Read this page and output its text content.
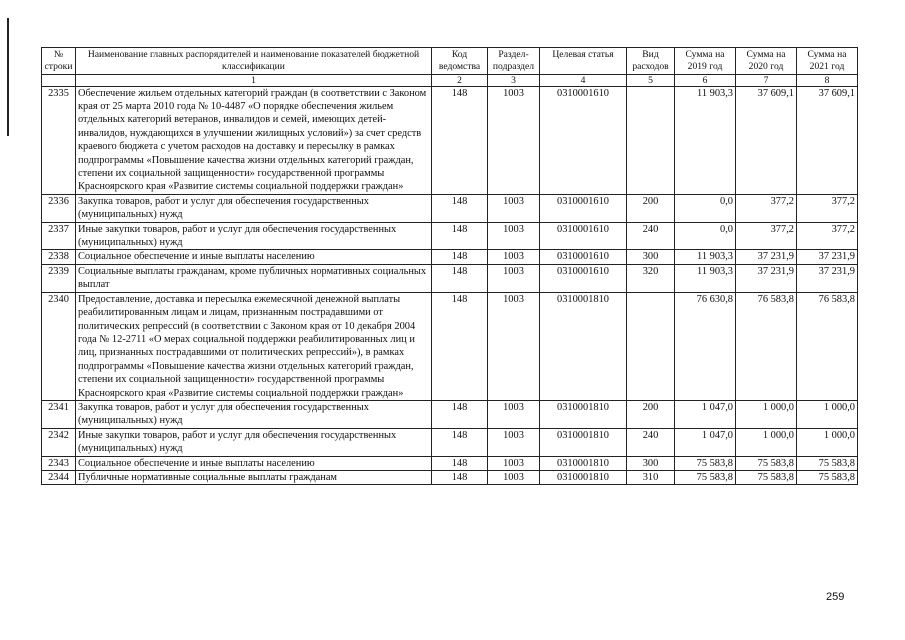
№ строки	Наименование главных распорядителей и наименование показателей бюджетной классификации	Код ведомства	Раздел-подраздел	Целевая статья	Вид расходов	Сумма на 2019 год	Сумма на 2020 год	Сумма на 2021 год
	1	2	3	4	5	6	7	8
2335	Обеспечение жильем отдельных категорий граждан (в соответствии с Законом края от 25 марта 2010 года № 10-4487 «О порядке обеспечения жильем отдельных категорий ветеранов, инвалидов и семей, имеющих детей-инвалидов, нуждающихся в улучшении жилищных условий») за счет средств краевого бюджета с учетом расходов на доставку и пересылку в рамках подпрограммы «Повышение качества жизни отдельных категорий граждан, степени их социальной защищенности» государственной программы Красноярского края «Развитие системы социальной поддержки граждан»	148	1003	0310001610		11 903,3	37 609,1	37 609,1
2336	Закупка товаров, работ и услуг для обеспечения государственных (муниципальных) нужд	148	1003	0310001610	200	0,0	377,2	377,2
2337	Иные закупки товаров, работ и услуг для обеспечения государственных (муниципальных) нужд	148	1003	0310001610	240	0,0	377,2	377,2
2338	Социальное обеспечение и иные выплаты населению	148	1003	0310001610	300	11 903,3	37 231,9	37 231,9
2339	Социальные выплаты гражданам, кроме публичных нормативных социальных выплат	148	1003	0310001610	320	11 903,3	37 231,9	37 231,9
2340	Предоставление, доставка и пересылка ежемесячной денежной выплаты реабилитированным лицам и лицам, признанным пострадавшими от политических репрессий (в соответствии с Законом края от 10 декабря 2004 года № 12-2711 «О мерах социальной поддержки реабилитированных лиц и лиц, признанных пострадавшими от политических репрессий»), в рамках подпрограммы «Повышение качества жизни отдельных категорий граждан, степени их социальной защищенности» государственной программы Красноярского края «Развитие системы социальной поддержки граждан»	148	1003	0310001810		76 630,8	76 583,8	76 583,8
2341	Закупка товаров, работ и услуг для обеспечения государственных (муниципальных) нужд	148	1003	0310001810	200	1 047,0	1 000,0	1 000,0
2342	Иные закупки товаров, работ и услуг для обеспечения государственных (муниципальных) нужд	148	1003	0310001810	240	1 047,0	1 000,0	1 000,0
2343	Социальное обеспечение и иные выплаты населению	148	1003	0310001810	300	75 583,8	75 583,8	75 583,8
2344	Публичные нормативные социальные выплаты гражданам	148	1003	0310001810	310	75 583,8	75 583,8	75 583,8
259
